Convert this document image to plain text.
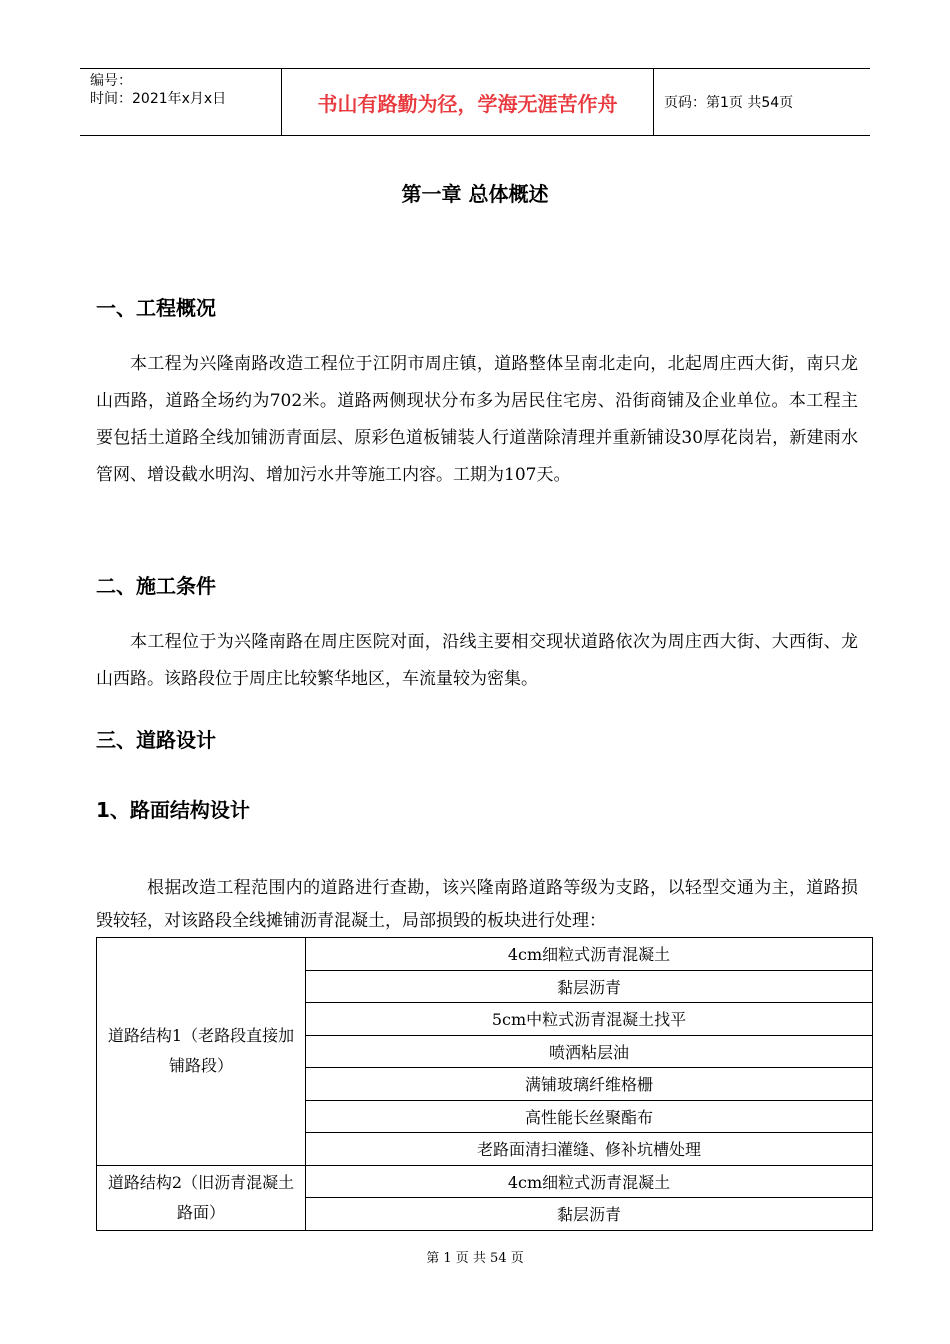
编号：
时间：2021年x月x日	书山有路勤为径，学海无涯苦作舟	页码：第1页 共54页
第一章 总体概述
一、工程概况
本工程为兴隆南路改造工程位于江阴市周庄镇，道路整体呈南北走向，北起周庄西大街，南只龙山西路，道路全场约为702米。道路两侧现状分布多为居民住宅房、沿街商铺及企业单位。本工程主要包括土道路全线加铺沥青面层、原彩色道板铺装人行道凿除清理并重新铺设30厚花岗岩，新建雨水管网、增设截水明沟、增加污水井等施工内容。工期为107天。
二、施工条件
本工程位于为兴隆南路在周庄医院对面，沿线主要相交现状道路依次为周庄西大街、大西街、龙山西路。该路段位于周庄比较繁华地区，车流量较为密集。
三、道路设计
1、路面结构设计
根据改造工程范围内的道路进行查勘，该兴隆南路道路等级为支路，以轻型交通为主，道路损毁较轻，对该路段全线摊铺沥青混凝土，局部损毁的板块进行处理：
道路结构1（老路段直接加铺路段）	4cm细粒式沥青混凝土
	黏层沥青
	5cm中粒式沥青混凝土找平
	喷洒粘层油
	满铺玻璃纤维格栅
	高性能长丝聚酯布
	老路面清扫灌缝、修补坑槽处理
道路结构2（旧沥青混凝土路面）	4cm细粒式沥青混凝土
	黏层沥青
第 1 页 共 54 页
